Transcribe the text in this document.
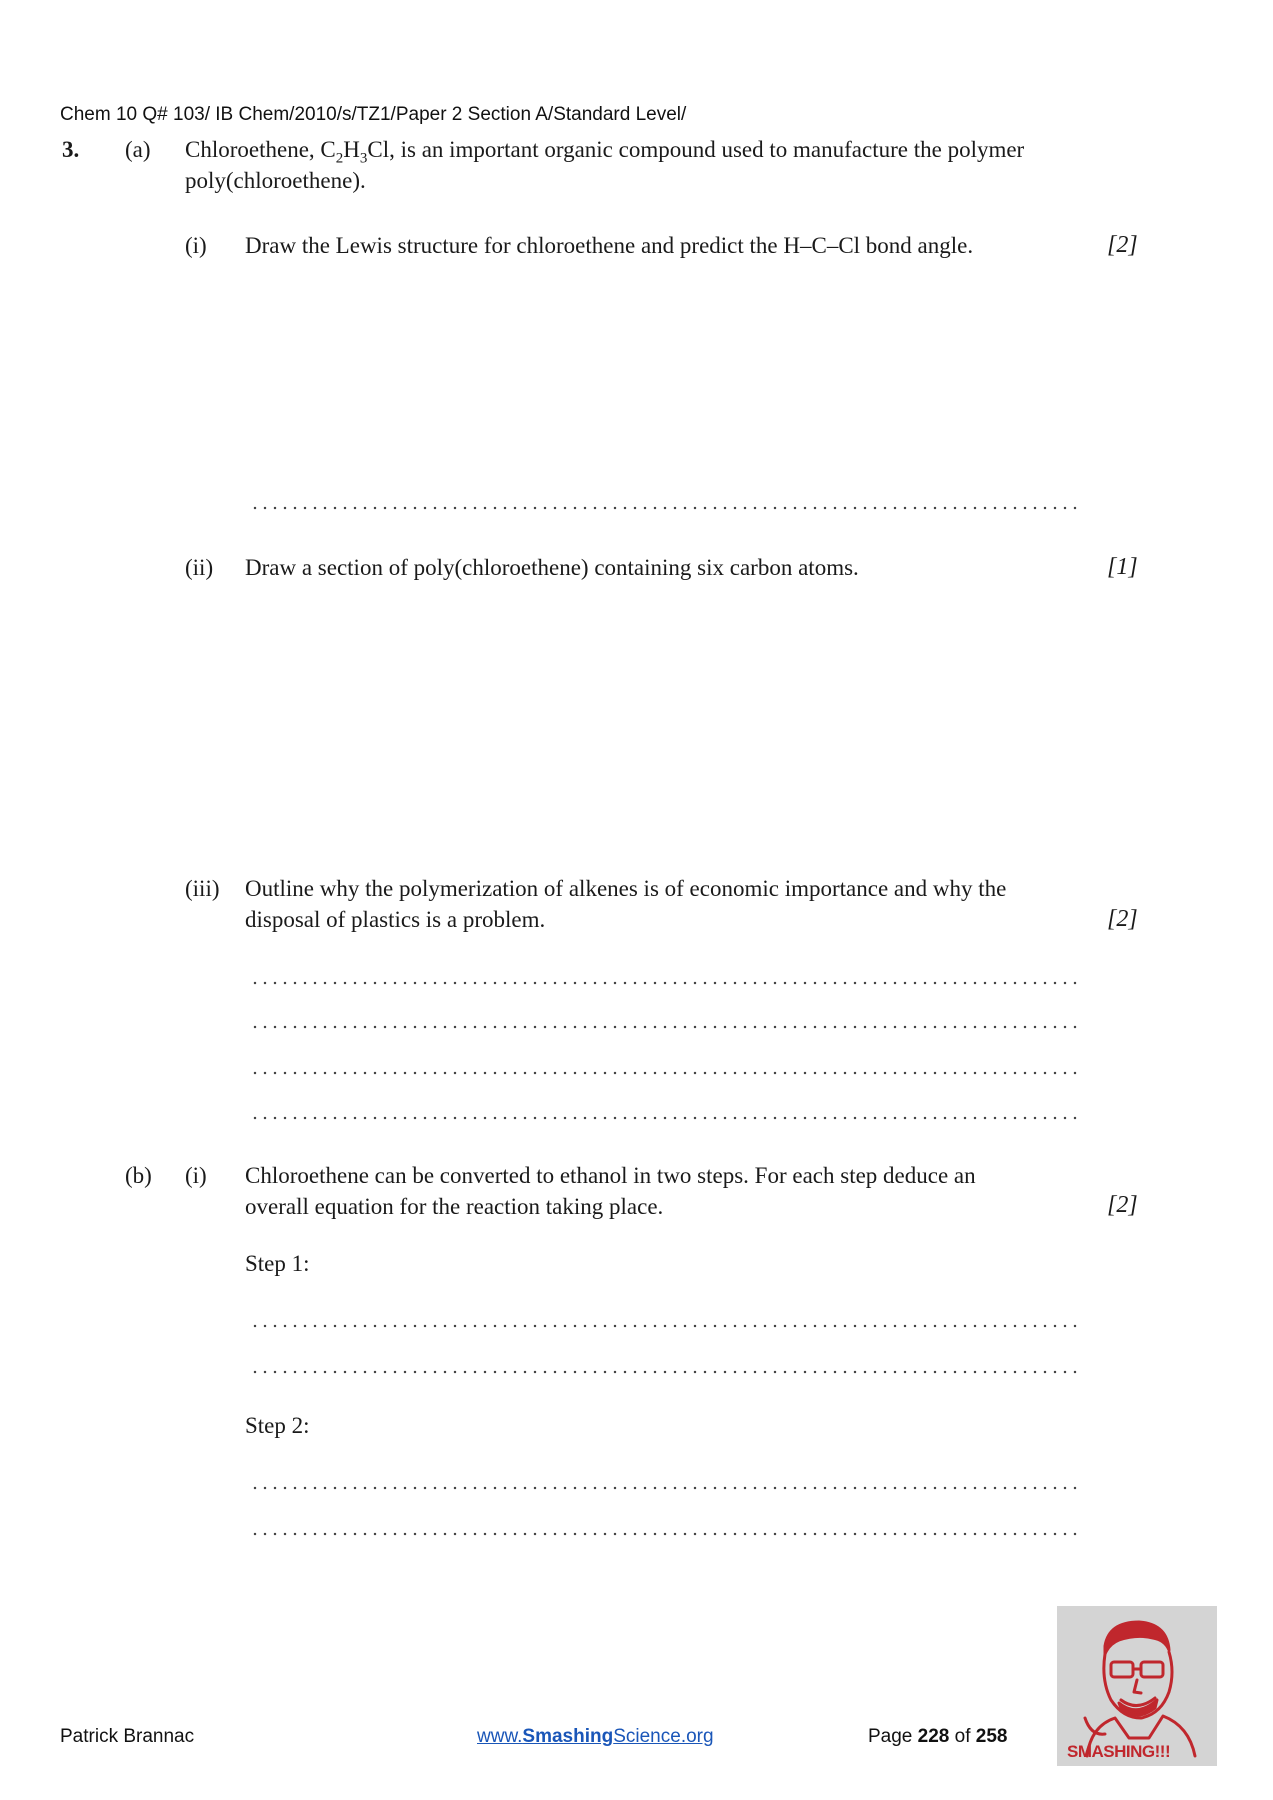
Chem 10 Q# 103/ IB Chem/2010/s/TZ1/Paper 2 Section A/Standard Level/
3. (a) Chloroethene, $C_2H_3Cl$, is an important organic compound used to manufacture the polymer
poly(chloroethene).
(i) Draw the Lewis structure for chloroethene and predict the H–C–Cl bond angle.	[2]
(ii) Draw a section of poly(chloroethene) containing six carbon atoms.	[1]
(iii) Outline why the polymerization of alkenes is of economic importance and why the
disposal of plastics is a problem.	[2]
(b) (i) Chloroethene can be converted to ethanol in two steps. For each step deduce an
overall equation for the reaction taking place.	[2]
Step 1:
Step 2:
Patrick Brannac	www.SmashingScience.org	Page 228 of 258
SMASHING!!!
